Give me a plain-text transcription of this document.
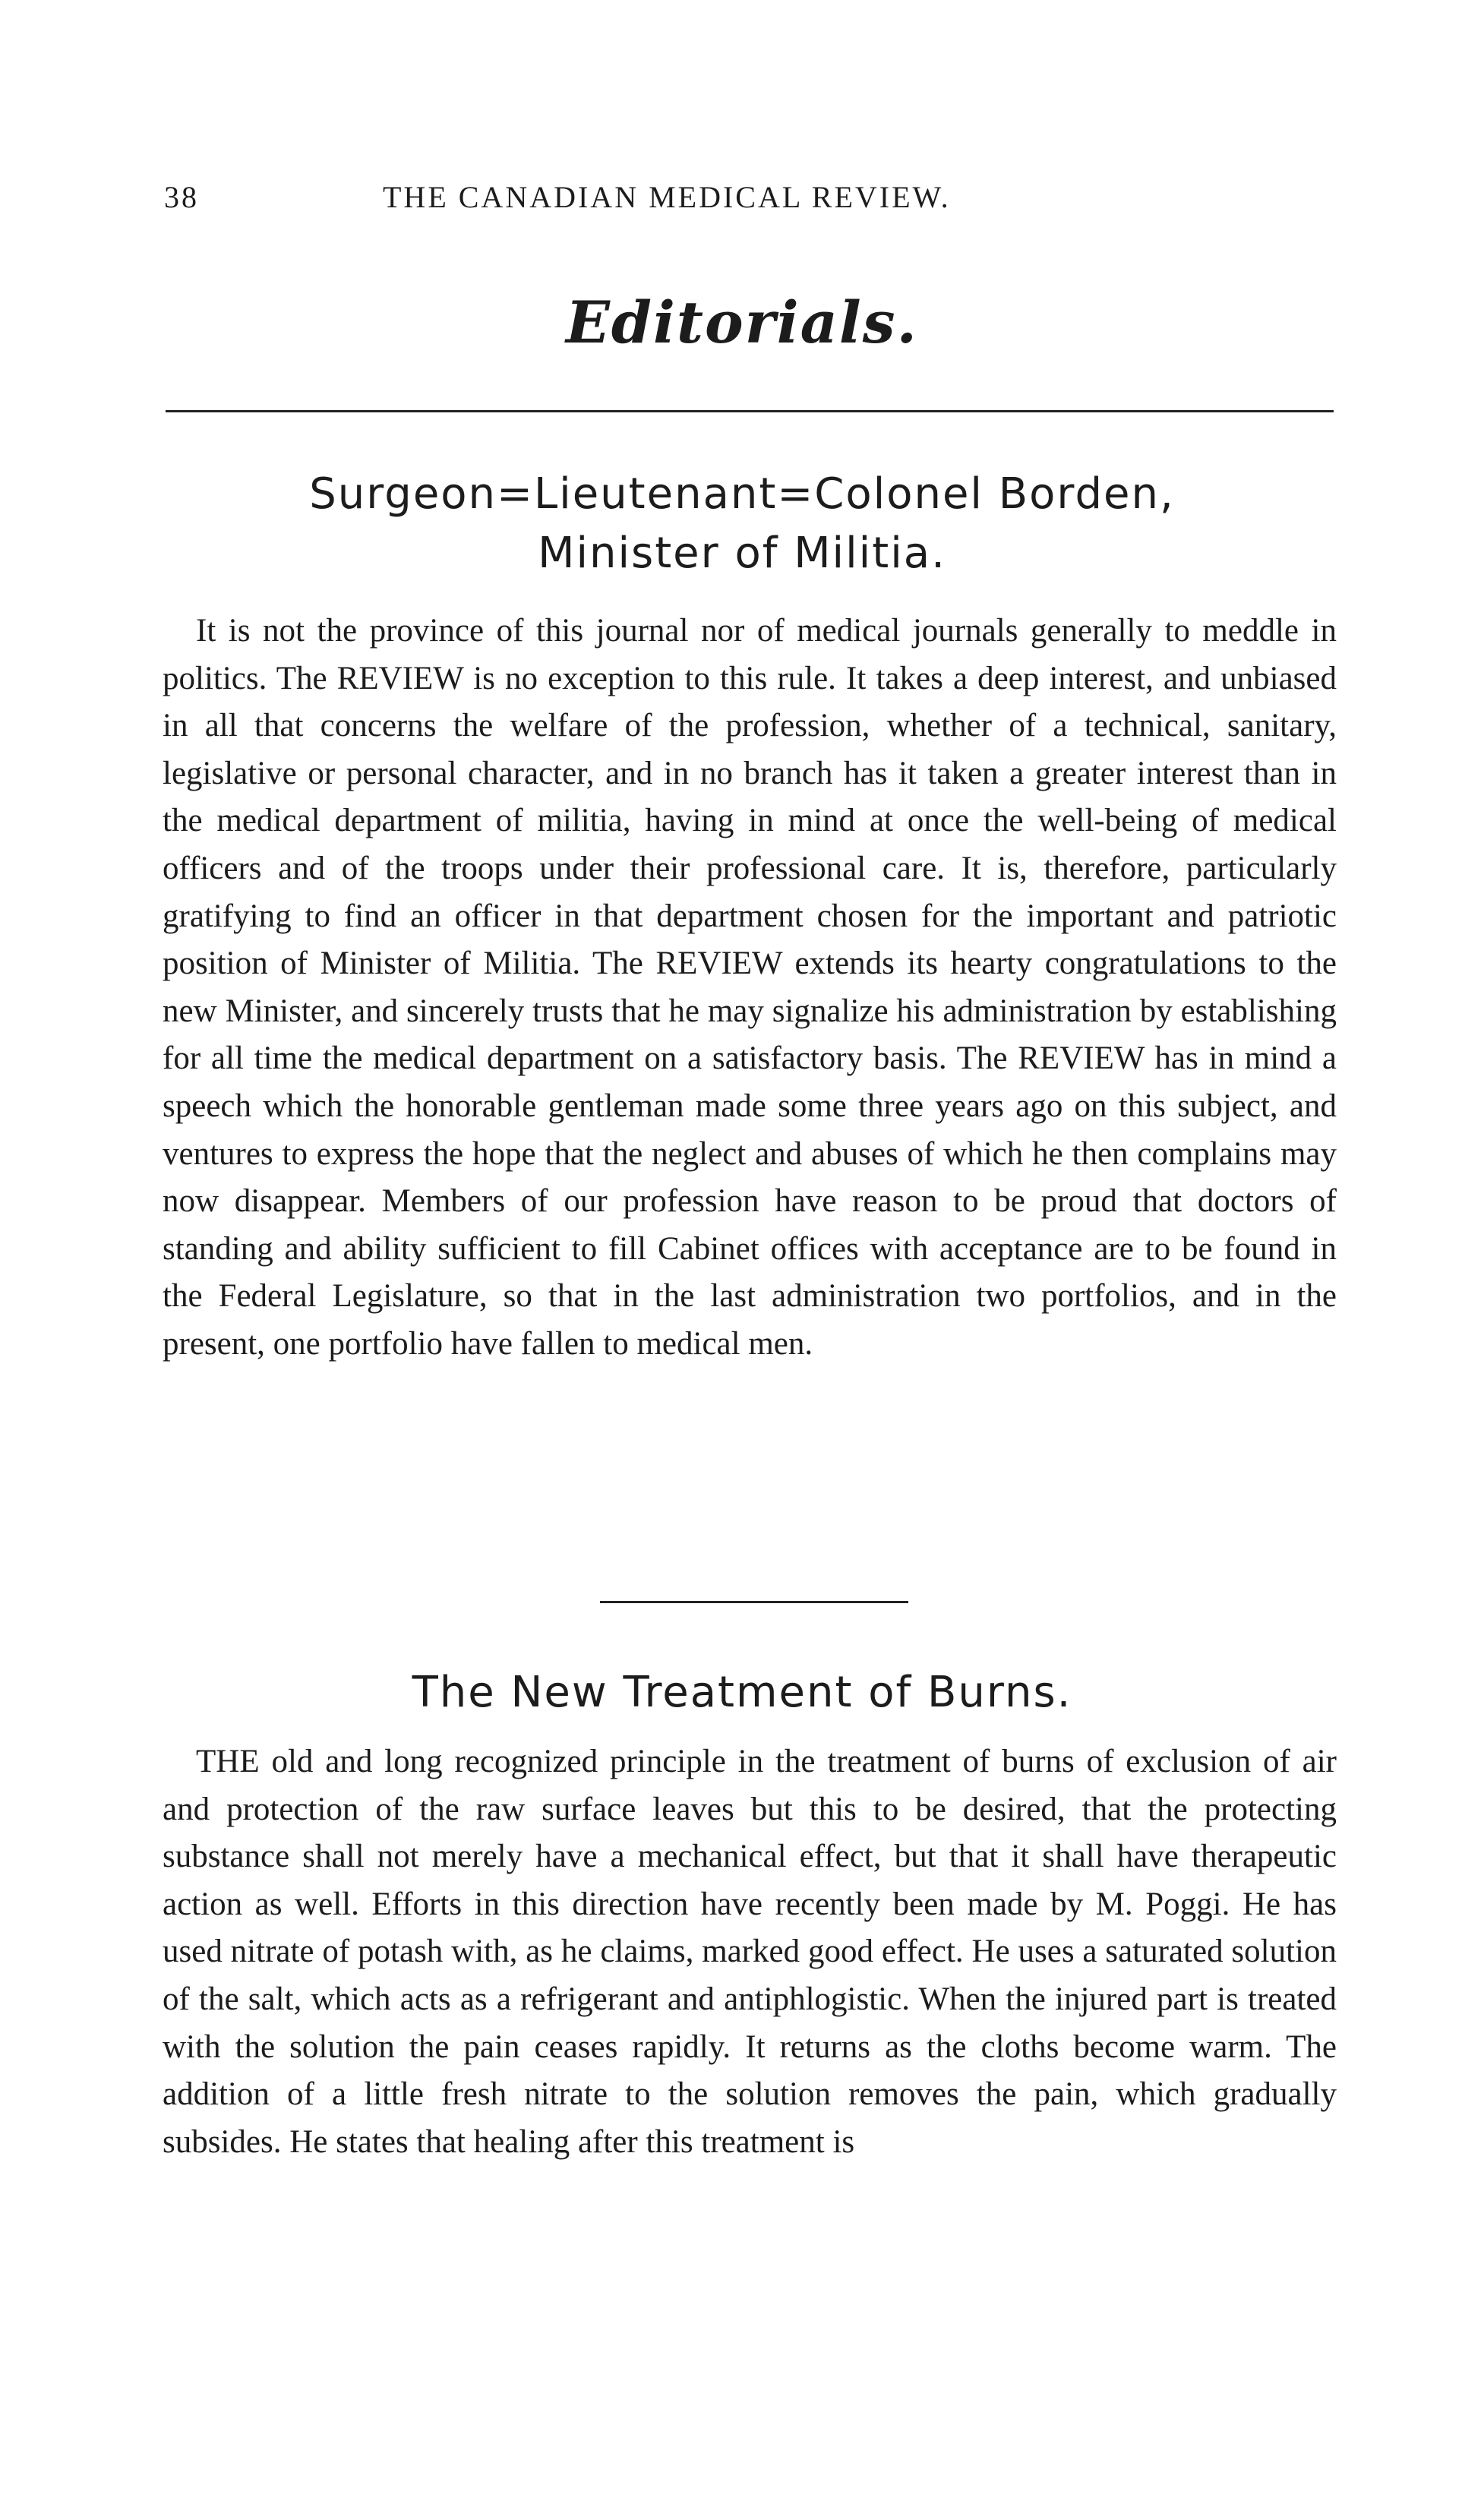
38	THE CANADIAN MEDICAL REVIEW.
Editorials.
Surgeon=Lieutenant=Colonel Borden,
Minister of Militia.

It is not the province of this journal nor of medical journals generally to meddle in politics. The REVIEW is no exception to this rule. It takes a deep interest, and unbiased in all that concerns the welfare of the profession, whether of a technical, sanitary, legislative or personal character, and in no branch has it taken a greater interest than in the medical department of militia, having in mind at once the well-being of medical officers and of the troops under their professional care. It is, therefore, particularly gratifying to find an officer in that department chosen for the important and patriotic position of Minister of Militia. The REVIEW extends its hearty congratulations to the new Minister, and sincerely trusts that he may signalize his administration by establishing for all time the medical department on a satisfactory basis. The REVIEW has in mind a speech which the honorable gentleman made some three years ago on this subject, and ventures to express the hope that the neglect and abuses of which he then complains may now disappear. Members of our profession have reason to be proud that doctors of standing and ability sufficient to fill Cabinet offices with acceptance are to be found in the Federal Legislature, so that in the last administration two portfolios, and in the present, one portfolio have fallen to medical men.

The New Treatment of Burns.

THE old and long recognized principle in the treatment of burns of exclusion of air and protection of the raw surface leaves but this to be desired, that the protecting substance shall not merely have a mechanical effect, but that it shall have therapeutic action as well. Efforts in this direction have recently been made by M. Poggi. He has used nitrate of potash with, as he claims, marked good effect. He uses a saturated solution of the salt, which acts as a refrigerant and antiphlogistic. When the injured part is treated with the solution the pain ceases rapidly. It returns as the cloths become warm. The addition of a little fresh nitrate to the solution removes the pain, which gradually subsides. He states that healing after this treatment is
